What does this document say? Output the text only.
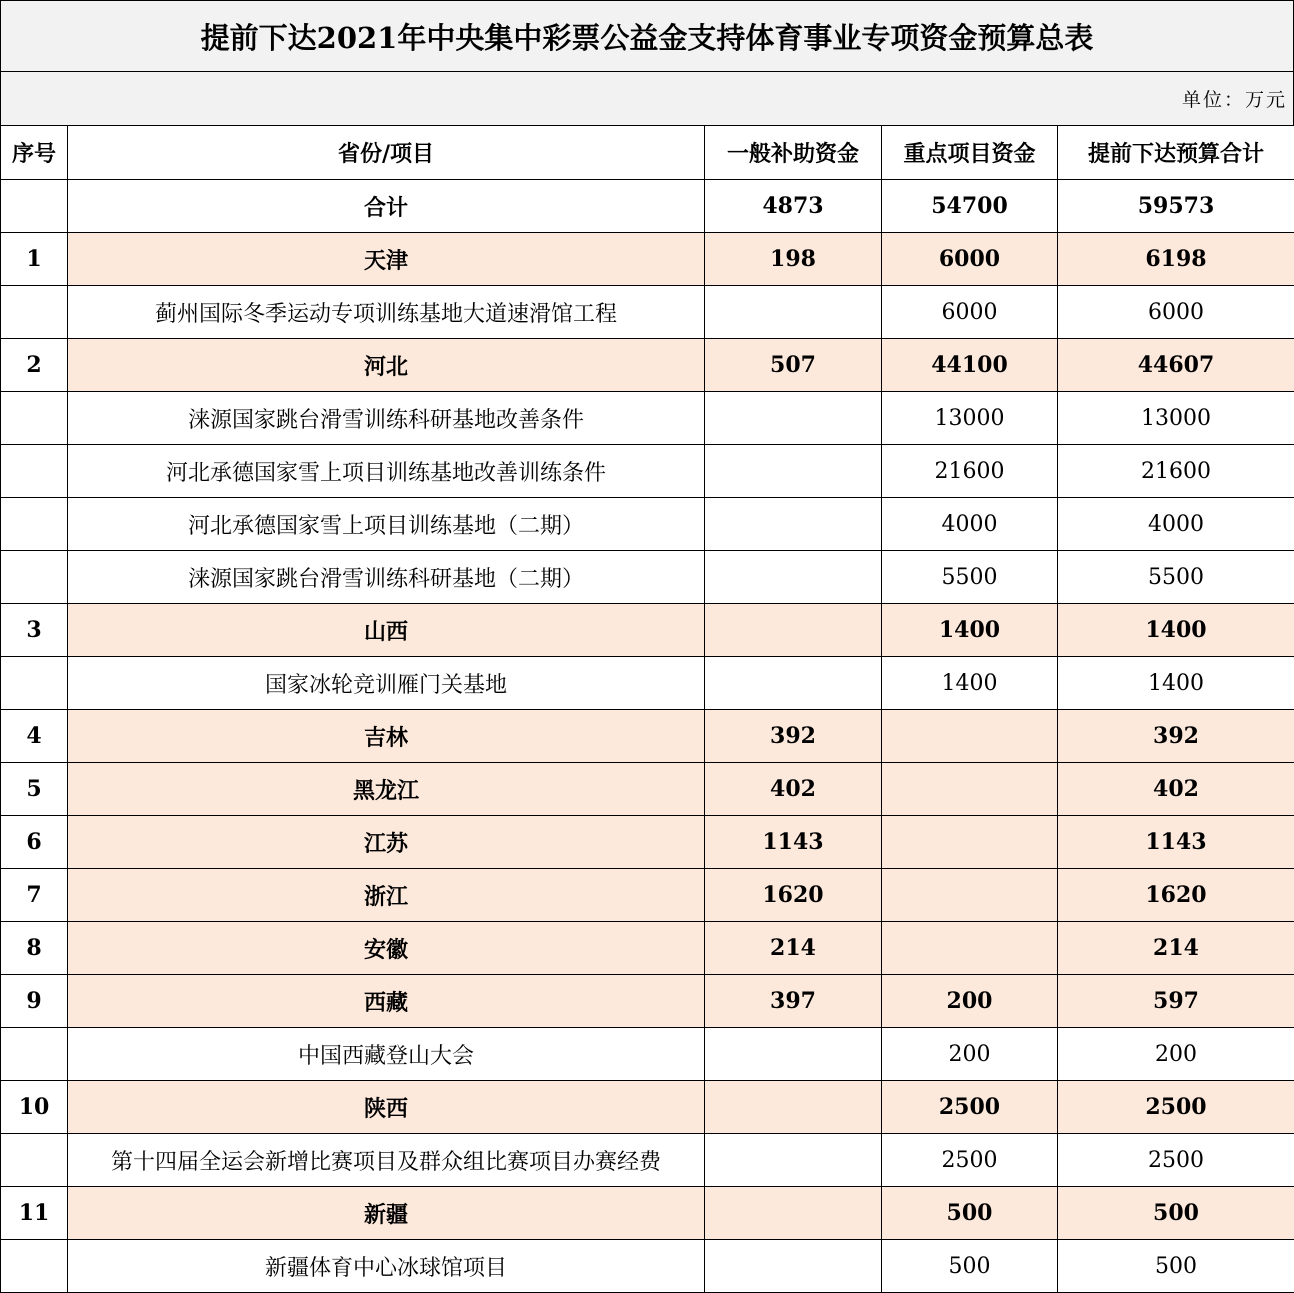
提前下达2021年中央集中彩票公益金支持体育事业专项资金预算总表
单位：万元
序号	省份/项目	一般补助资金	重点项目资金	提前下达预算合计
	合计	4873	54700	59573
1	天津	198	6000	6198
	蓟州国际冬季运动专项训练基地大道速滑馆工程		6000	6000
2	河北	507	44100	44607
	涞源国家跳台滑雪训练科研基地改善条件		13000	13000
	河北承德国家雪上项目训练基地改善训练条件		21600	21600
	河北承德国家雪上项目训练基地（二期）		4000	4000
	涞源国家跳台滑雪训练科研基地（二期）		5500	5500
3	山西		1400	1400
	国家冰轮竞训雁门关基地		1400	1400
4	吉林	392		392
5	黑龙江	402		402
6	江苏	1143		1143
7	浙江	1620		1620
8	安徽	214		214
9	西藏	397	200	597
	中国西藏登山大会		200	200
10	陕西		2500	2500
	第十四届全运会新增比赛项目及群众组比赛项目办赛经费		2500	2500
11	新疆		500	500
	新疆体育中心冰球馆项目		500	500
